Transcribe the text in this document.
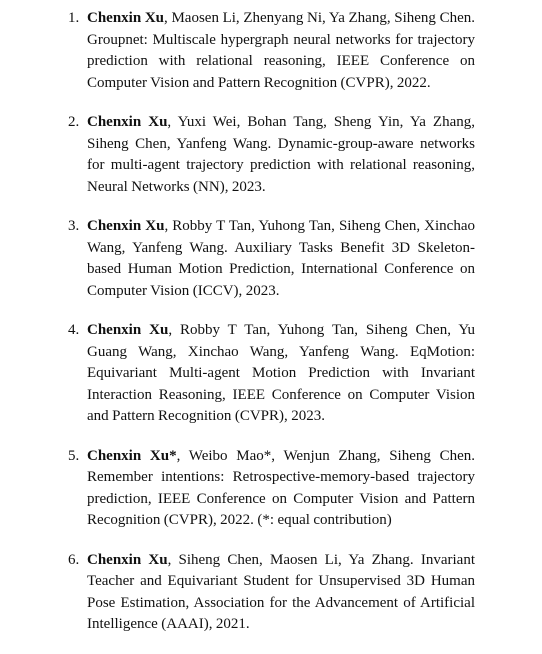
1. Chenxin Xu, Maosen Li, Zhenyang Ni, Ya Zhang, Siheng Chen. Groupnet: Multiscale hypergraph neural networks for trajectory prediction with relational reasoning, IEEE Conference on Computer Vision and Pattern Recognition (CVPR), 2022.
2. Chenxin Xu, Yuxi Wei, Bohan Tang, Sheng Yin, Ya Zhang, Siheng Chen, Yanfeng Wang. Dynamic-group-aware networks for multi-agent trajectory prediction with relational reasoning, Neural Networks (NN), 2023.
3. Chenxin Xu, Robby T Tan, Yuhong Tan, Siheng Chen, Xinchao Wang, Yanfeng Wang. Auxiliary Tasks Benefit 3D Skeleton-based Human Motion Prediction, International Conference on Computer Vision (ICCV), 2023.
4. Chenxin Xu, Robby T Tan, Yuhong Tan, Siheng Chen, Yu Guang Wang, Xinchao Wang, Yanfeng Wang. EqMotion: Equivariant Multi-agent Motion Prediction with Invariant Interaction Reasoning, IEEE Conference on Computer Vision and Pattern Recognition (CVPR), 2023.
5. Chenxin Xu*, Weibo Mao*, Wenjun Zhang, Siheng Chen. Remember intentions: Retrospective-memory-based trajectory prediction, IEEE Conference on Computer Vision and Pattern Recognition (CVPR), 2022. (*: equal contribution)
6. Chenxin Xu, Siheng Chen, Maosen Li, Ya Zhang. Invariant Teacher and Equivariant Student for Unsupervised 3D Human Pose Estimation, Association for the Advancement of Artificial Intelligence (AAAI), 2021.
